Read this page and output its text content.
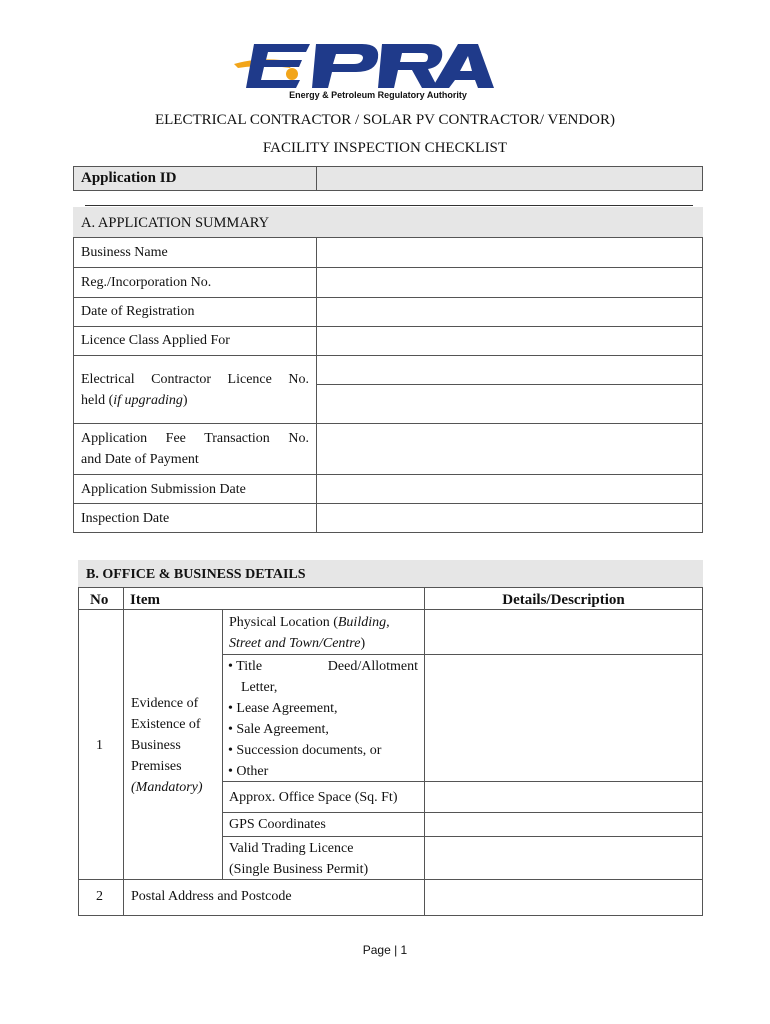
Energy & Petroleum Regulatory Authority
ELECTRICAL CONTRACTOR / SOLAR PV CONTRACTOR/ VENDOR)
FACILITY INSPECTION CHECKLIST
Application ID
A. APPLICATION SUMMARY
Business Name
Reg./Incorporation No.
Date of Registration
Licence Class Applied For
Electrical Contractor Licence No.
held (if upgrading)
Application Fee Transaction No.
and Date of Payment
Application Submission Date
Inspection Date
B. OFFICE & BUSINESS DETAILS
No Item	Details/Description
1
Evidence of
Existence of
Business
Premises
(Mandatory)
Physical Location (Building,
Street and Town/Centre)
• Title	Deed/Allotment
Letter,
• Lease Agreement,
• Sale Agreement,
• Succession documents, or
• Other
Approx. Office Space (Sq. Ft)
GPS Coordinates
Valid Trading Licence
(Single Business Permit)
2 Postal Address and Postcode
Page | 1
